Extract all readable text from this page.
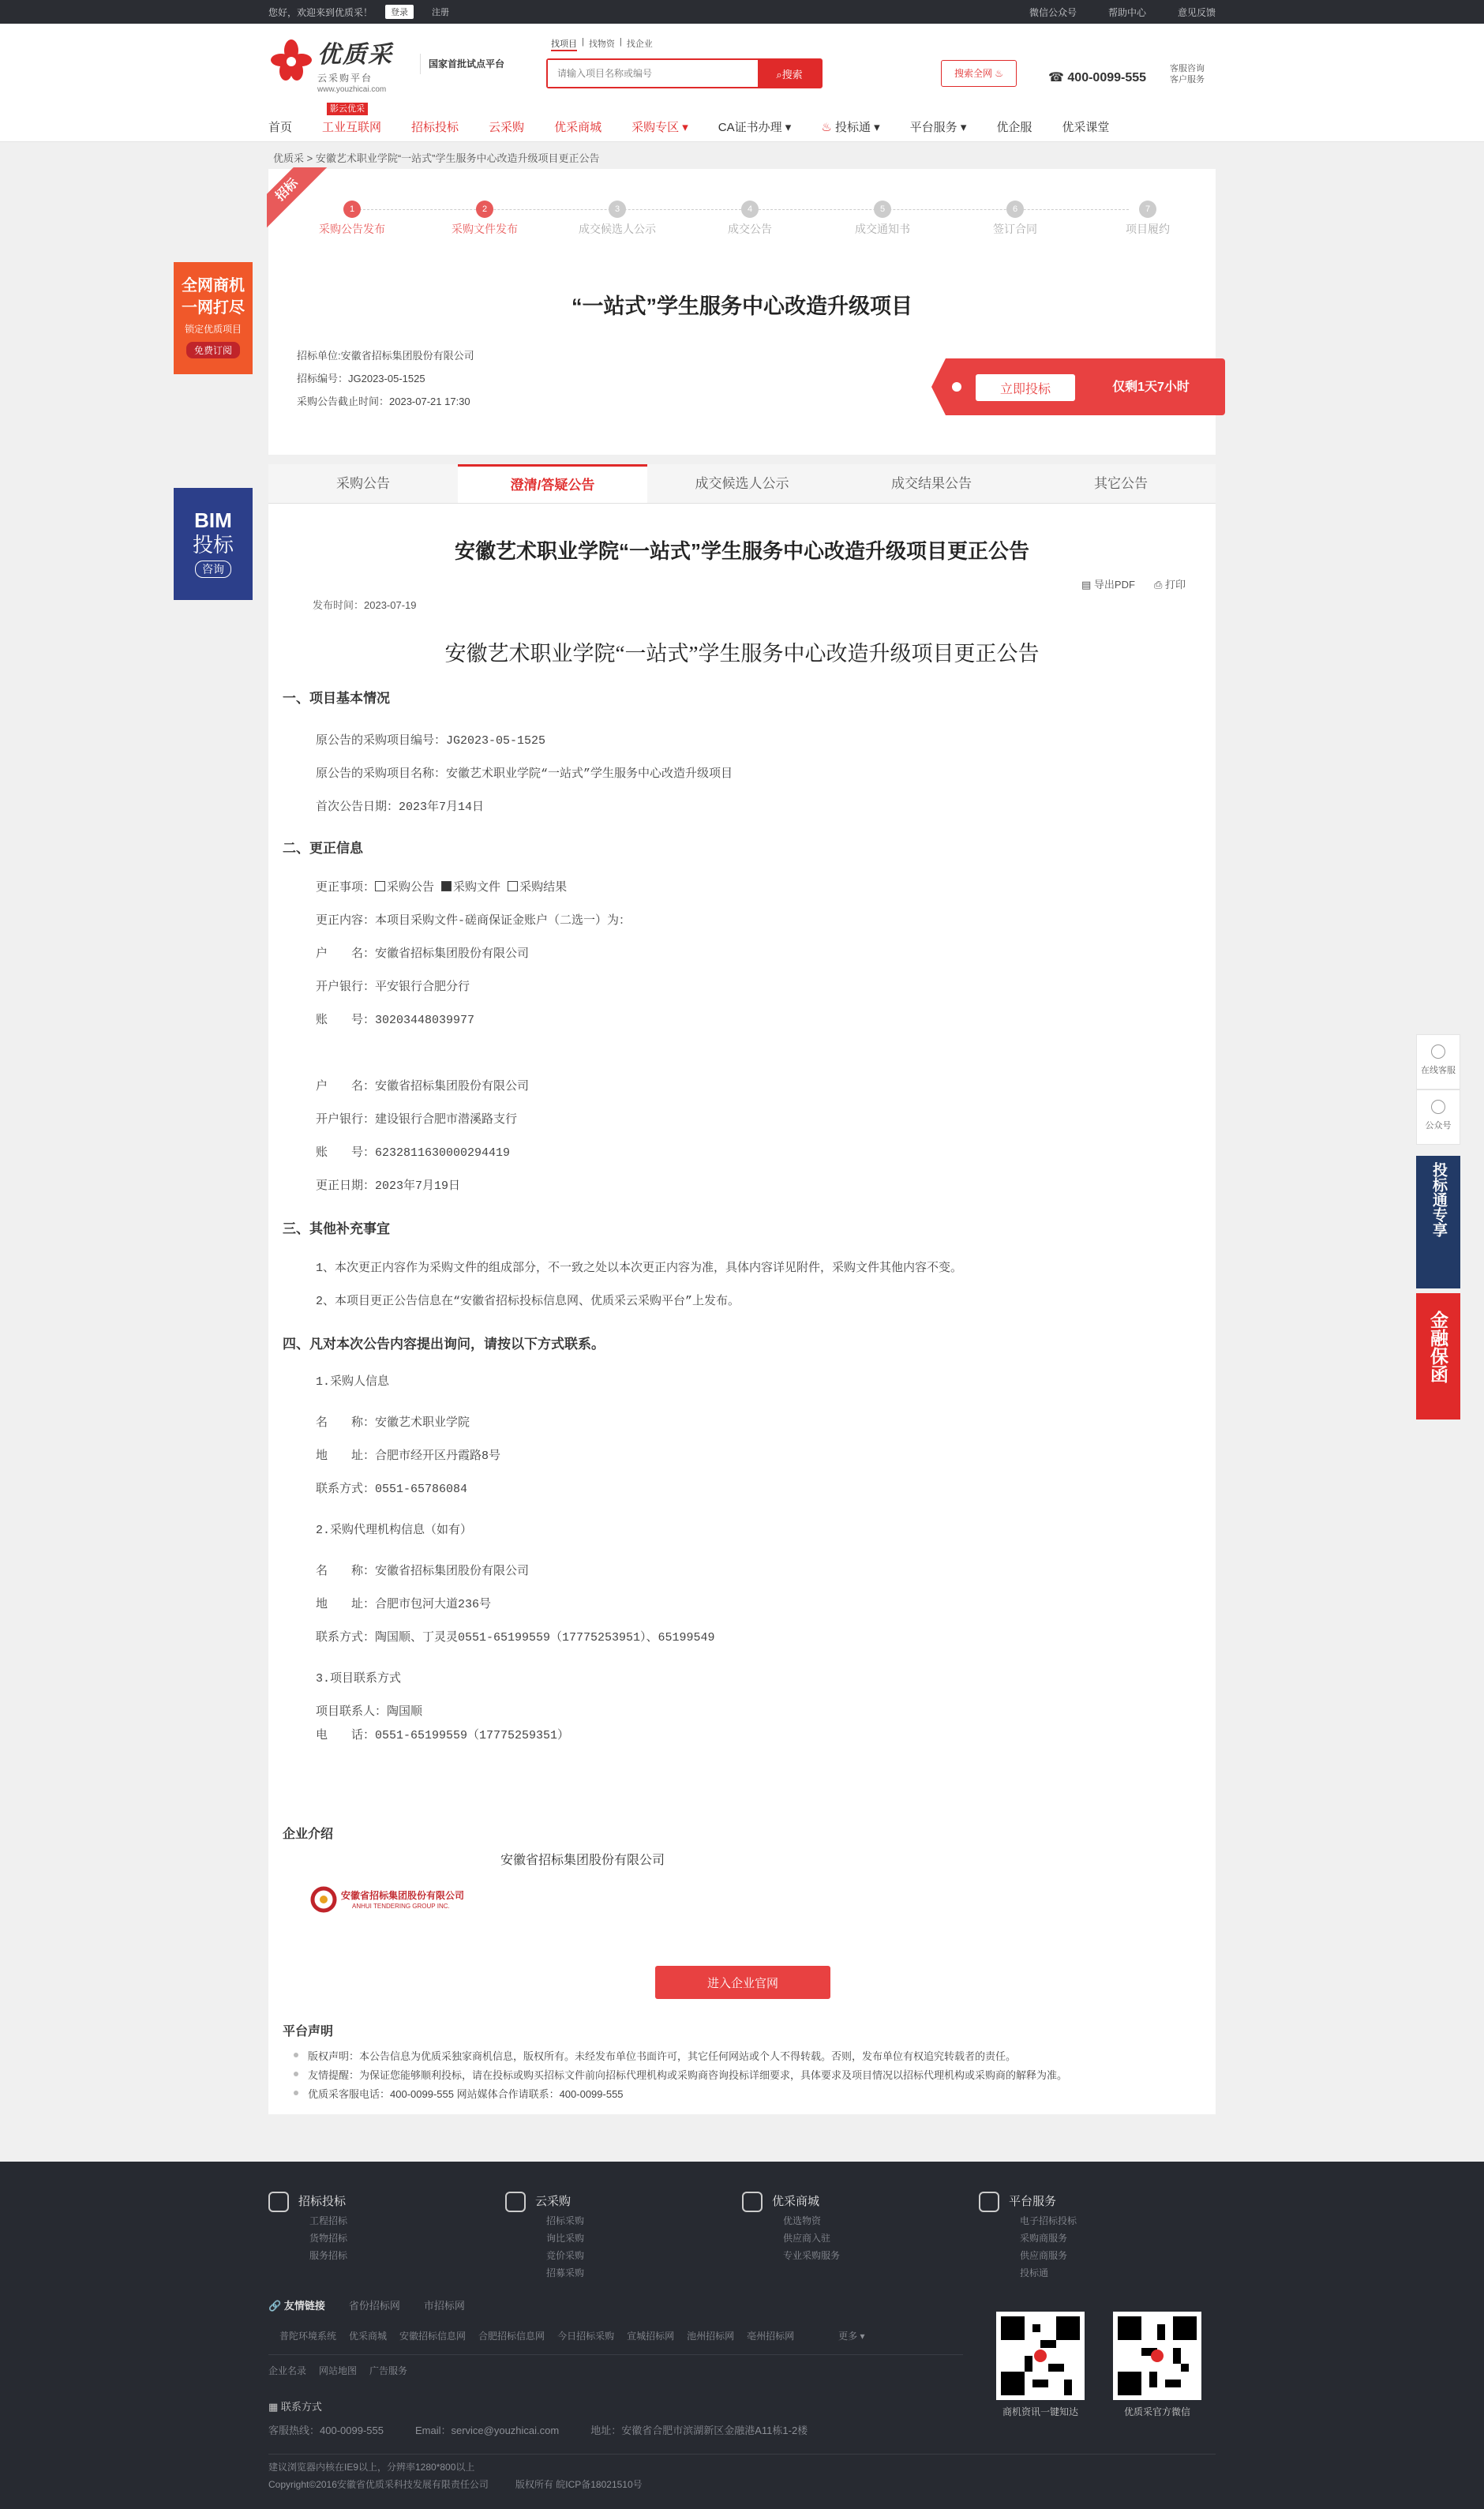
您好，欢迎来到优质采！	登录	注册	微信公众号	帮助中心	意见反馈
优质采
云采购平台
www.youzhicai.com
国家首批试点平台
找项目 | 找物资 | 找企业
请输入项目名称或编号
⌕搜索	搜索全网 ♨	☎ 400-0099-555
客服咨询
客户服务
首页
影云优采
工业互联网	招标投标	云采购	优采商城	采购专区 ▾	CA证书办理 ▾	♨ 投标通 ▾	平台服务 ▾	优企服	优采课堂
优质采 > 安徽艺术职业学院“一站式”学生服务中心改造升级项目更正公告
招标
1
采购公告发布
2
采购文件发布
3
成交候选人公示
4
成交公告
5
成交通知书
6
签订合同
7
项目履约
“一站式”学生服务中心改造升级项目
招标单位:安徽省招标集团股份有限公司
招标编号：JG2023-05-1525
采购公告截止时间：2023-07-21 17:30
立即投标	仅剩1天7小时
采购公告	澄清/答疑公告	成交候选人公示	成交结果公告	其它公告
安徽艺术职业学院“一站式”学生服务中心改造升级项目更正公告
▤ 导出PDF ⎙ 打印
发布时间：2023-07-19
安徽艺术职业学院“一站式”学生服务中心改造升级项目更正公告
一、项目基本情况
原公告的采购项目编号：JG2023-05-1525
原公告的采购项目名称：安徽艺术职业学院“一站式”学生服务中心改造升级项目
首次公告日期：2023年7月14日
二、更正信息
更正事项： 采购公告 采购文件 采购结果
更正内容：本项目采购文件-磋商保证金账户（二选一）为：
户　　名：安徽省招标集团股份有限公司
开户银行：平安银行合肥分行
账　　号：30203448039977
户　　名：安徽省招标集团股份有限公司
开户银行：建设银行合肥市潜溪路支行
账　　号：6232811630000294419
更正日期：2023年7月19日
三、其他补充事宜
1、本次更正内容作为采购文件的组成部分，不一致之处以本次更正内容为准，具体内容详见附件，采购文件其他内容不变。
2、本项目更正公告信息在“安徽省招标投标信息网、优质采云采购平台”上发布。
四、凡对本次公告内容提出询问，请按以下方式联系。
1.采购人信息
名　　称：安徽艺术职业学院
地　　址：合肥市经开区丹霞路8号
联系方式：0551-65786084
2.采购代理机构信息（如有）
名　　称：安徽省招标集团股份有限公司
地　　址：合肥市包河大道236号
联系方式：陶国顺、丁灵灵0551-65199559（17775253951）、65199549
3.项目联系方式
项目联系人：陶国顺
电　　话：0551-65199559（17775259351）
企业介绍
安徽省招标集团股份有限公司
安徽省招标集团股份有限公司
ANHUI TENDERING GROUP INC.
进入企业官网
平台声明
版权声明：本公告信息为优质采独家商机信息，版权所有。未经发布单位书面许可，其它任何网站或个人不得转载。否则，发布单位有权追究转载者的责任。
友情提醒：为保证您能够顺利投标，请在投标或购买招标文件前向招标代理机构或采购商咨询投标详细要求，具体要求及项目情况以招标代理机构或采购商的解释为准。
优质采客服电话：400-0099-555 网站媒体合作请联系：400-0099-555
全网商机
一网打尽
锁定优质项目
免费订阅
BIM
投标
咨询
在线客服
公众号
投标通专享
金融保函
招标投标
工程招标
货物招标
服务招标
云采购
招标采购
询比采购
竞价采购
招募采购
优采商城
优选物资
供应商入驻
专业采购服务
平台服务
电子招标投标
采购商服务
供应商服务
投标通
🔗 友情链接 省份招标网 市招标网
普陀环境系统 优采商城 安徽招标信息网 合肥招标信息网 今日招标采购 宣城招标网 池州招标网 亳州招标网	更多 ▾
企业名录 网站地图 广告服务
▦ 联系方式
客服热线：400-0099-555	Email：service@youzhicai.com	地址：安徽省合肥市滨湖新区金融港A11栋1-2楼
建议浏览器内核在IE9以上，分辨率1280*800以上
Copyright©2016安徽省优质采科技发展有限责任公司	版权所有 皖ICP备18021510号
商机资讯一键知达	优质采官方微信
